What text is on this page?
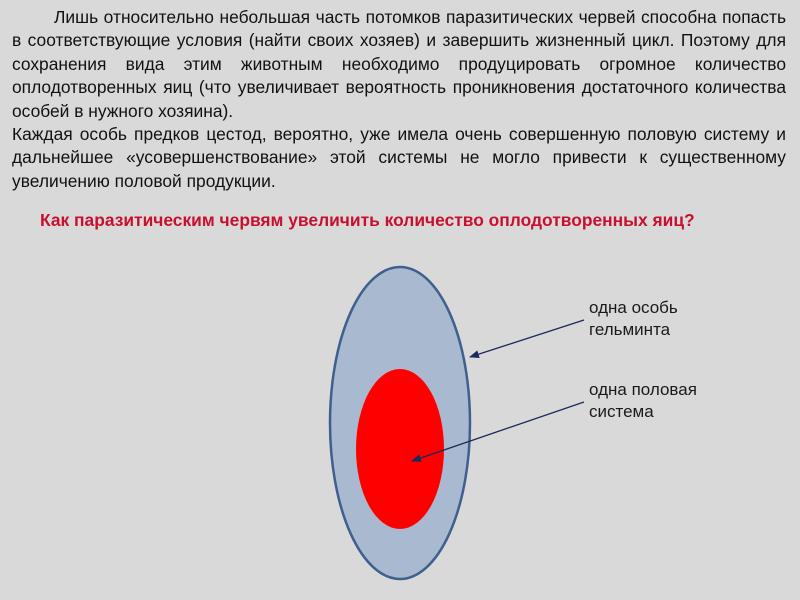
Лишь относительно небольшая часть потомков паразитических червей способна попасть в соответствующие условия (найти своих хозяев) и завершить жизненный цикл. Поэтому для сохранения вида этим животным необходимо продуцировать огромное количество оплодотворенных яиц (что увеличивает вероятность проникновения достаточного количества особей в нужного хозяина).
Каждая особь предков цестод, вероятно, уже имела очень совершенную половую систему и дальнейшее «усовершенствование» этой системы не могло привести к существенному увеличению половой продукции.

Как паразитическим червям увеличить количество оплодотворенных яиц?

одна особь
гельминта
одна половая
система
